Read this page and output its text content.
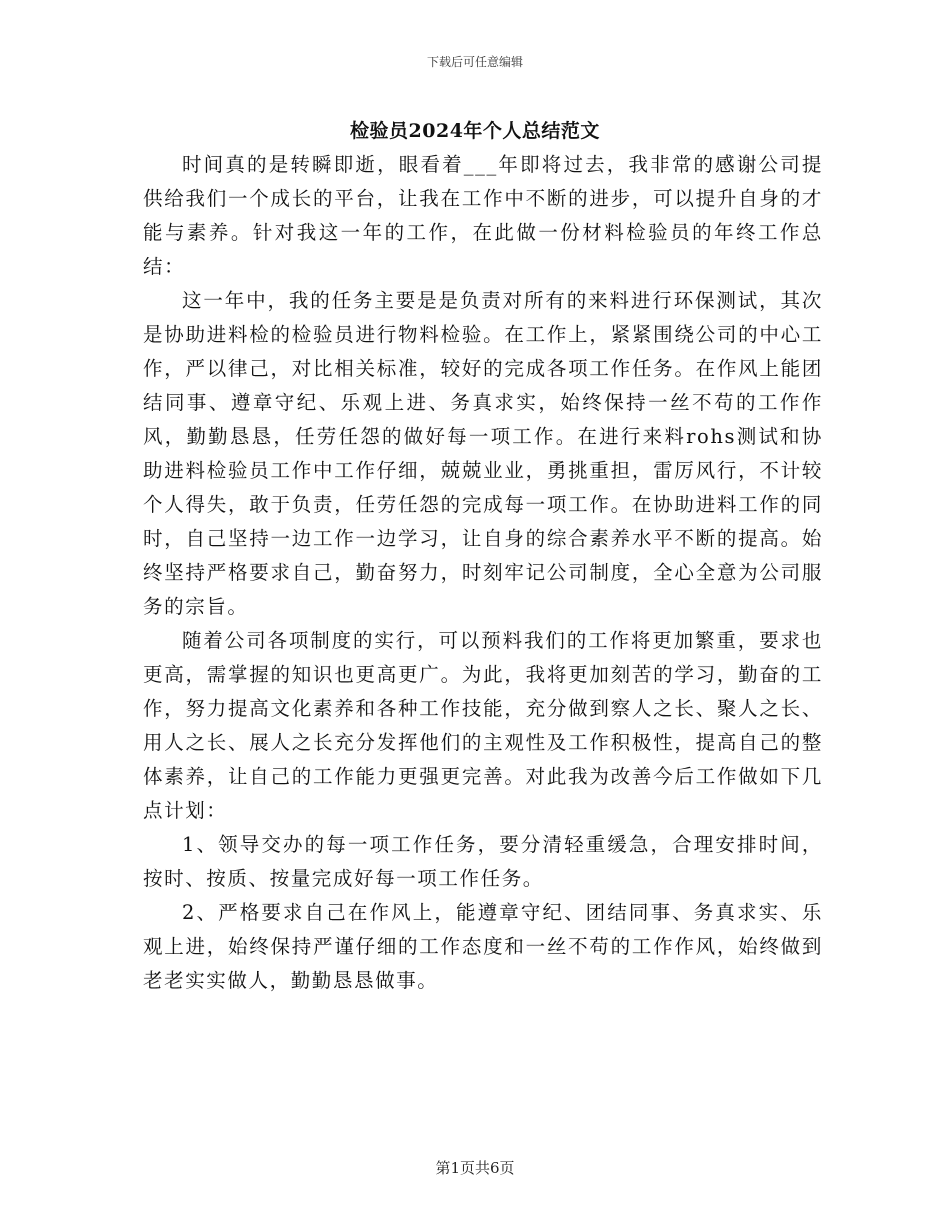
下载后可任意编辑
检验员2024年个人总结范文

时间真的是转瞬即逝，眼看着___年即将过去，我非常的感谢公司提供给我们一个成长的平台，让我在工作中不断的进步，可以提升自身的才能与素养。针对我这一年的工作，在此做一份材料检验员的年终工作总结：

这一年中，我的任务主要是是负责对所有的来料进行环保测试，其次是协助进料检的检验员进行物料检验。在工作上，紧紧围绕公司的中心工作，严以律己，对比相关标准，较好的完成各项工作任务。在作风上能团结同事、遵章守纪、乐观上进、务真求实，始终保持一丝不苟的工作作风，勤勤恳恳，任劳任怨的做好每一项工作。在进行来料rohs测试和协助进料检验员工作中工作仔细，兢兢业业，勇挑重担，雷厉风行，不计较个人得失，敢于负责，任劳任怨的完成每一项工作。在协助进料工作的同时，自己坚持一边工作一边学习，让自身的综合素养水平不断的提高。始终坚持严格要求自己，勤奋努力，时刻牢记公司制度，全心全意为公司服务的宗旨。

随着公司各项制度的实行，可以预料我们的工作将更加繁重，要求也更高，需掌握的知识也更高更广。为此，我将更加刻苦的学习，勤奋的工作，努力提高文化素养和各种工作技能，充分做到察人之长、聚人之长、用人之长、展人之长充分发挥他们的主观性及工作积极性，提高自己的整体素养，让自己的工作能力更强更完善。对此我为改善今后工作做如下几点计划：

1、领导交办的每一项工作任务，要分清轻重缓急，合理安排时间，按时、按质、按量完成好每一项工作任务。

2、严格要求自己在作风上，能遵章守纪、团结同事、务真求实、乐观上进，始终保持严谨仔细的工作态度和一丝不苟的工作作风，始终做到老老实实做人，勤勤恳恳做事。

第1页共6页
